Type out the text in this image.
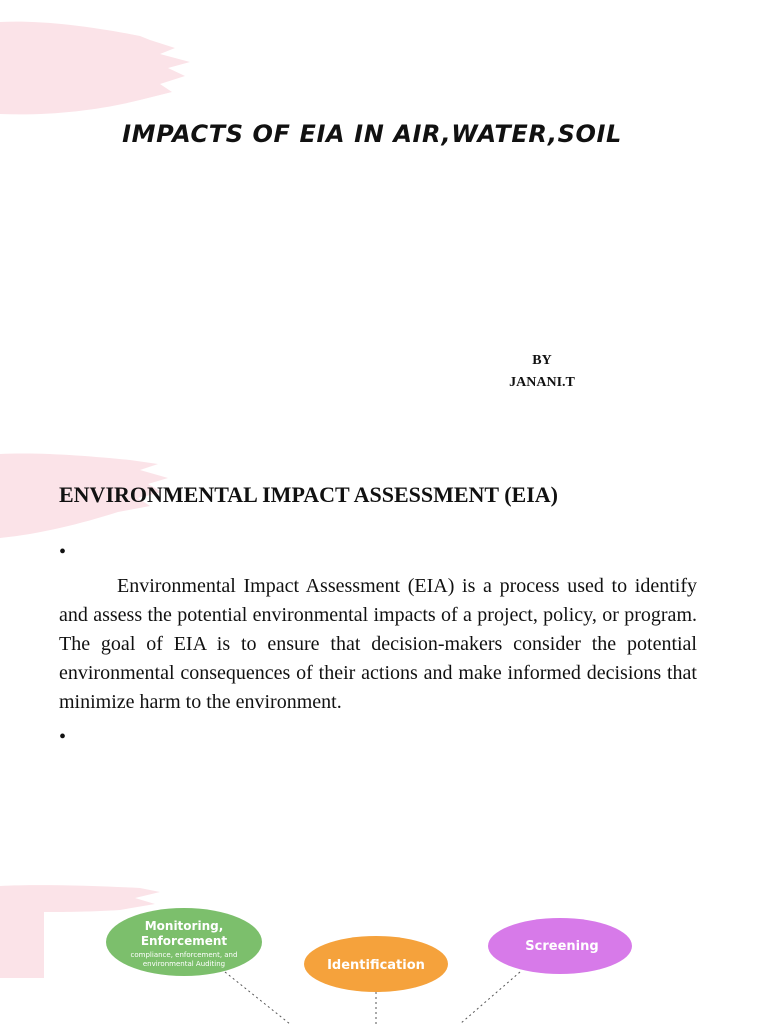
IMPACTS OF EIA IN AIR,WATER,SOIL
BY
JANANI.T
ENVIRONMENTAL IMPACT ASSESSMENT (EIA)
•

Environmental Impact Assessment (EIA) is a process used to identify and assess the potential environmental impacts of a project, policy, or program. The goal of EIA is to ensure that decision-makers consider the potential environmental consequences of their actions and make informed decisions that minimize harm to the environment.

•
Monitoring,
Enforcement
compliance, enforcement, and
environmental Auditing	Identification
Screening
